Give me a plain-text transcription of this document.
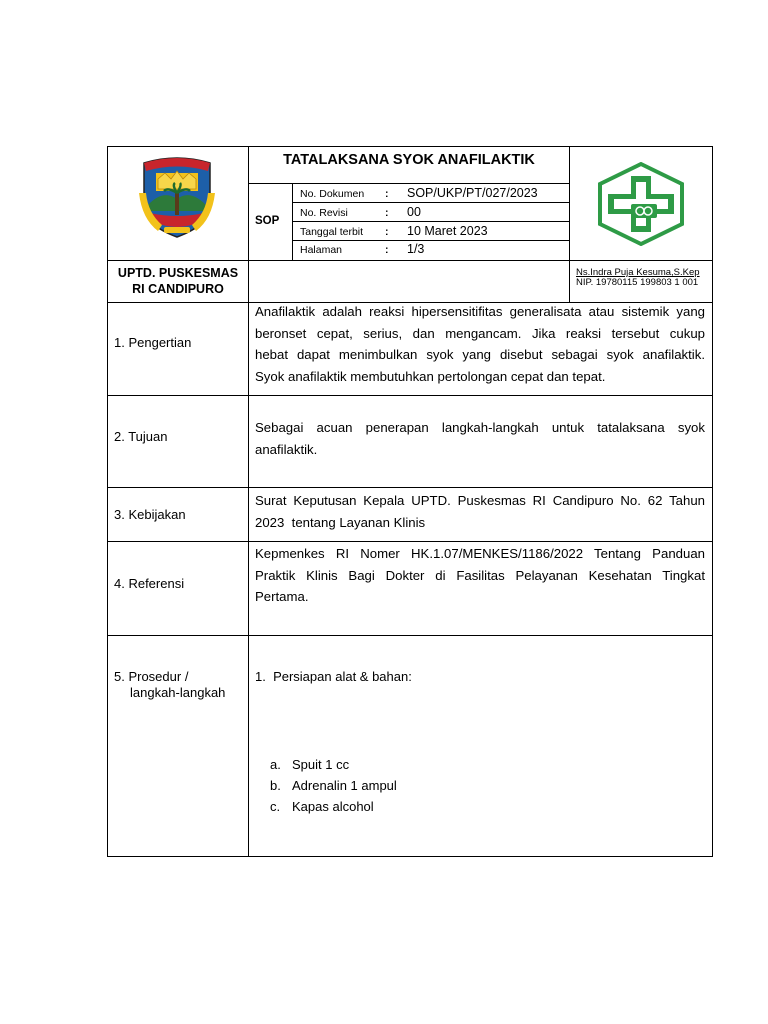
TATALAKSANA SYOK ANAFILAKTIK
SOP
No. Dokumen : SOP/UKP/PT/027/2023
No. Revisi	: 00
Tanggal terbit : 10 Maret 2023
Halaman	: 1/3
UPTD. PUSKESMAS
RI CANDIPURO
Ns.Indra Puja Kesuma,S.Kep
NIP. 19780115 199803 1 001
1. Pengertian
Anafilaktik adalah reaksi hipersensitifitas generalisata atau sistemik yang
beronset cepat, serius, dan mengancam. Jika reaksi tersebut cukup
hebat dapat menimbulkan syok yang disebut sebagai syok anafilaktik.
Syok anafilaktik membutuhkan pertolongan cepat dan tepat.
2. Tujuan
Sebagai acuan penerapan langkah-langkah untuk tatalaksana syok
anafilaktik.
3. Kebijakan
Surat Keputusan Kepala UPTD. Puskesmas RI Candipuro No. 62 Tahun
2023  tentang Layanan Klinis
4. Referensi
Kepmenkes RI Nomer HK.1.07/MENKES/1186/2022 Tentang Panduan
Praktik Klinis Bagi Dokter di Fasilitas Pelayanan Kesehatan Tingkat
Pertama.
5. Prosedur /
langkah-langkah
1.  Persiapan alat & bahan:
a. Spuit 1 cc
b. Adrenalin 1 ampul
c. Kapas alcohol
